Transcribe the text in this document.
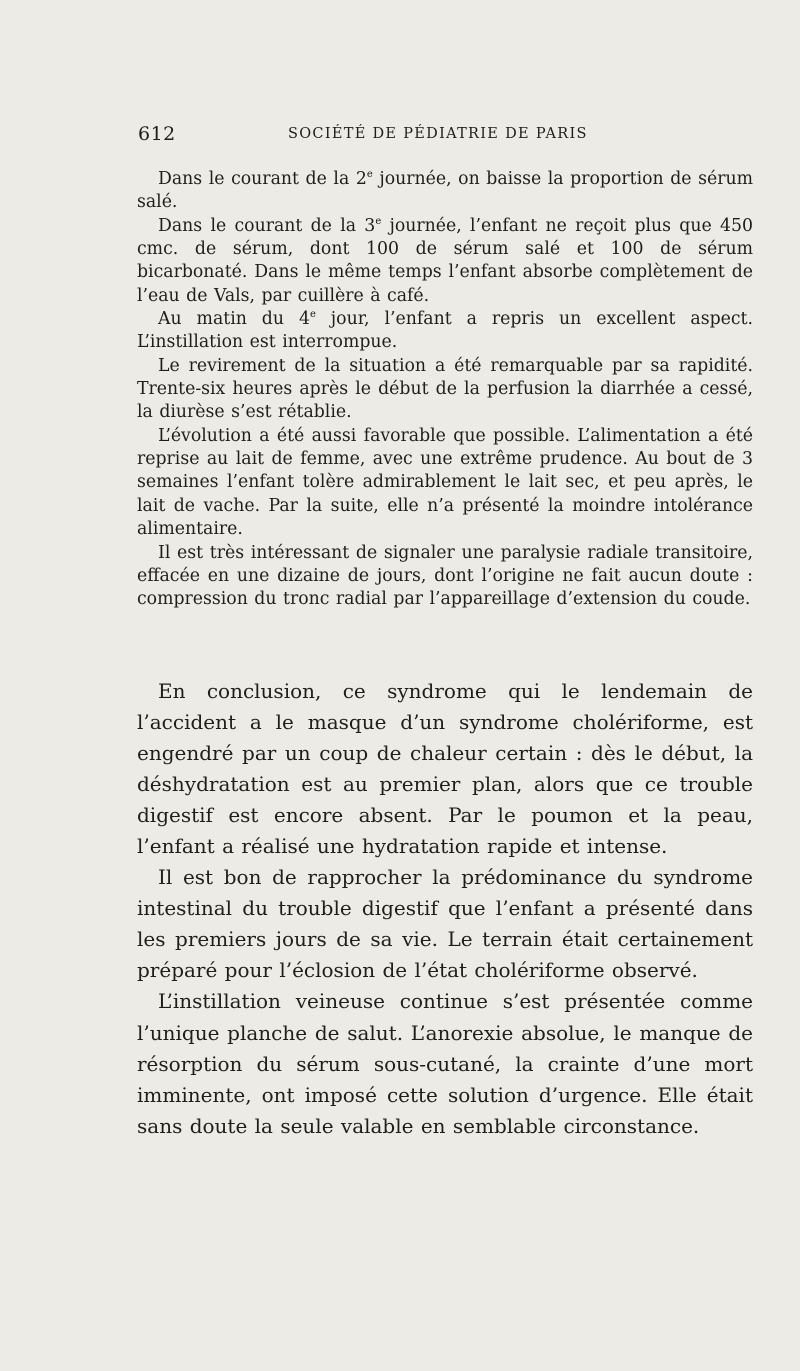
612	SOCIÉTÉ DE PÉDIATRIE DE PARIS

Dans le courant de la 2e journée, on baisse la proportion de sérum salé.

Dans le courant de la 3e journée, l’enfant ne reçoit plus que 450 cmc. de sérum, dont 100 de sérum salé et 100 de sérum bicarbonaté. Dans le même temps l’enfant absorbe complètement de l’eau de Vals, par cuillère à café.

Au matin du 4e jour, l’enfant a repris un excellent aspect. L’instillation est interrompue.

Le revirement de la situation a été remarquable par sa rapidité. Trente-six heures après le début de la perfusion la diarrhée a cessé, la diurèse s’est rétablie.

L’évolution a été aussi favorable que possible. L’alimentation a été reprise au lait de femme, avec une extrême prudence. Au bout de 3 semaines l’enfant tolère admirablement le lait sec, et peu après, le lait de vache. Par la suite, elle n’a présenté la moindre intolérance alimentaire.

Il est très intéressant de signaler une paralysie radiale transitoire, effacée en une dizaine de jours, dont l’origine ne fait aucun doute : compression du tronc radial par l’appareillage d’extension du coude.

En conclusion, ce syndrome qui le lendemain de l’accident a le masque d’un syndrome cholériforme, est engendré par un coup de chaleur certain : dès le début, la déshydratation est au premier plan, alors que ce trouble digestif est encore absent. Par le poumon et la peau, l’enfant a réalisé une hydratation rapide et intense.

Il est bon de rapprocher la prédominance du syndrome intestinal du trouble digestif que l’enfant a présenté dans les premiers jours de sa vie. Le terrain était certainement préparé pour l’éclosion de l’état cholériforme observé.

L’instillation veineuse continue s’est présentée comme l’unique planche de salut. L’anorexie absolue, le manque de résorption du sérum sous-cutané, la crainte d’une mort imminente, ont imposé cette solution d’urgence. Elle était sans doute la seule valable en semblable circonstance.
